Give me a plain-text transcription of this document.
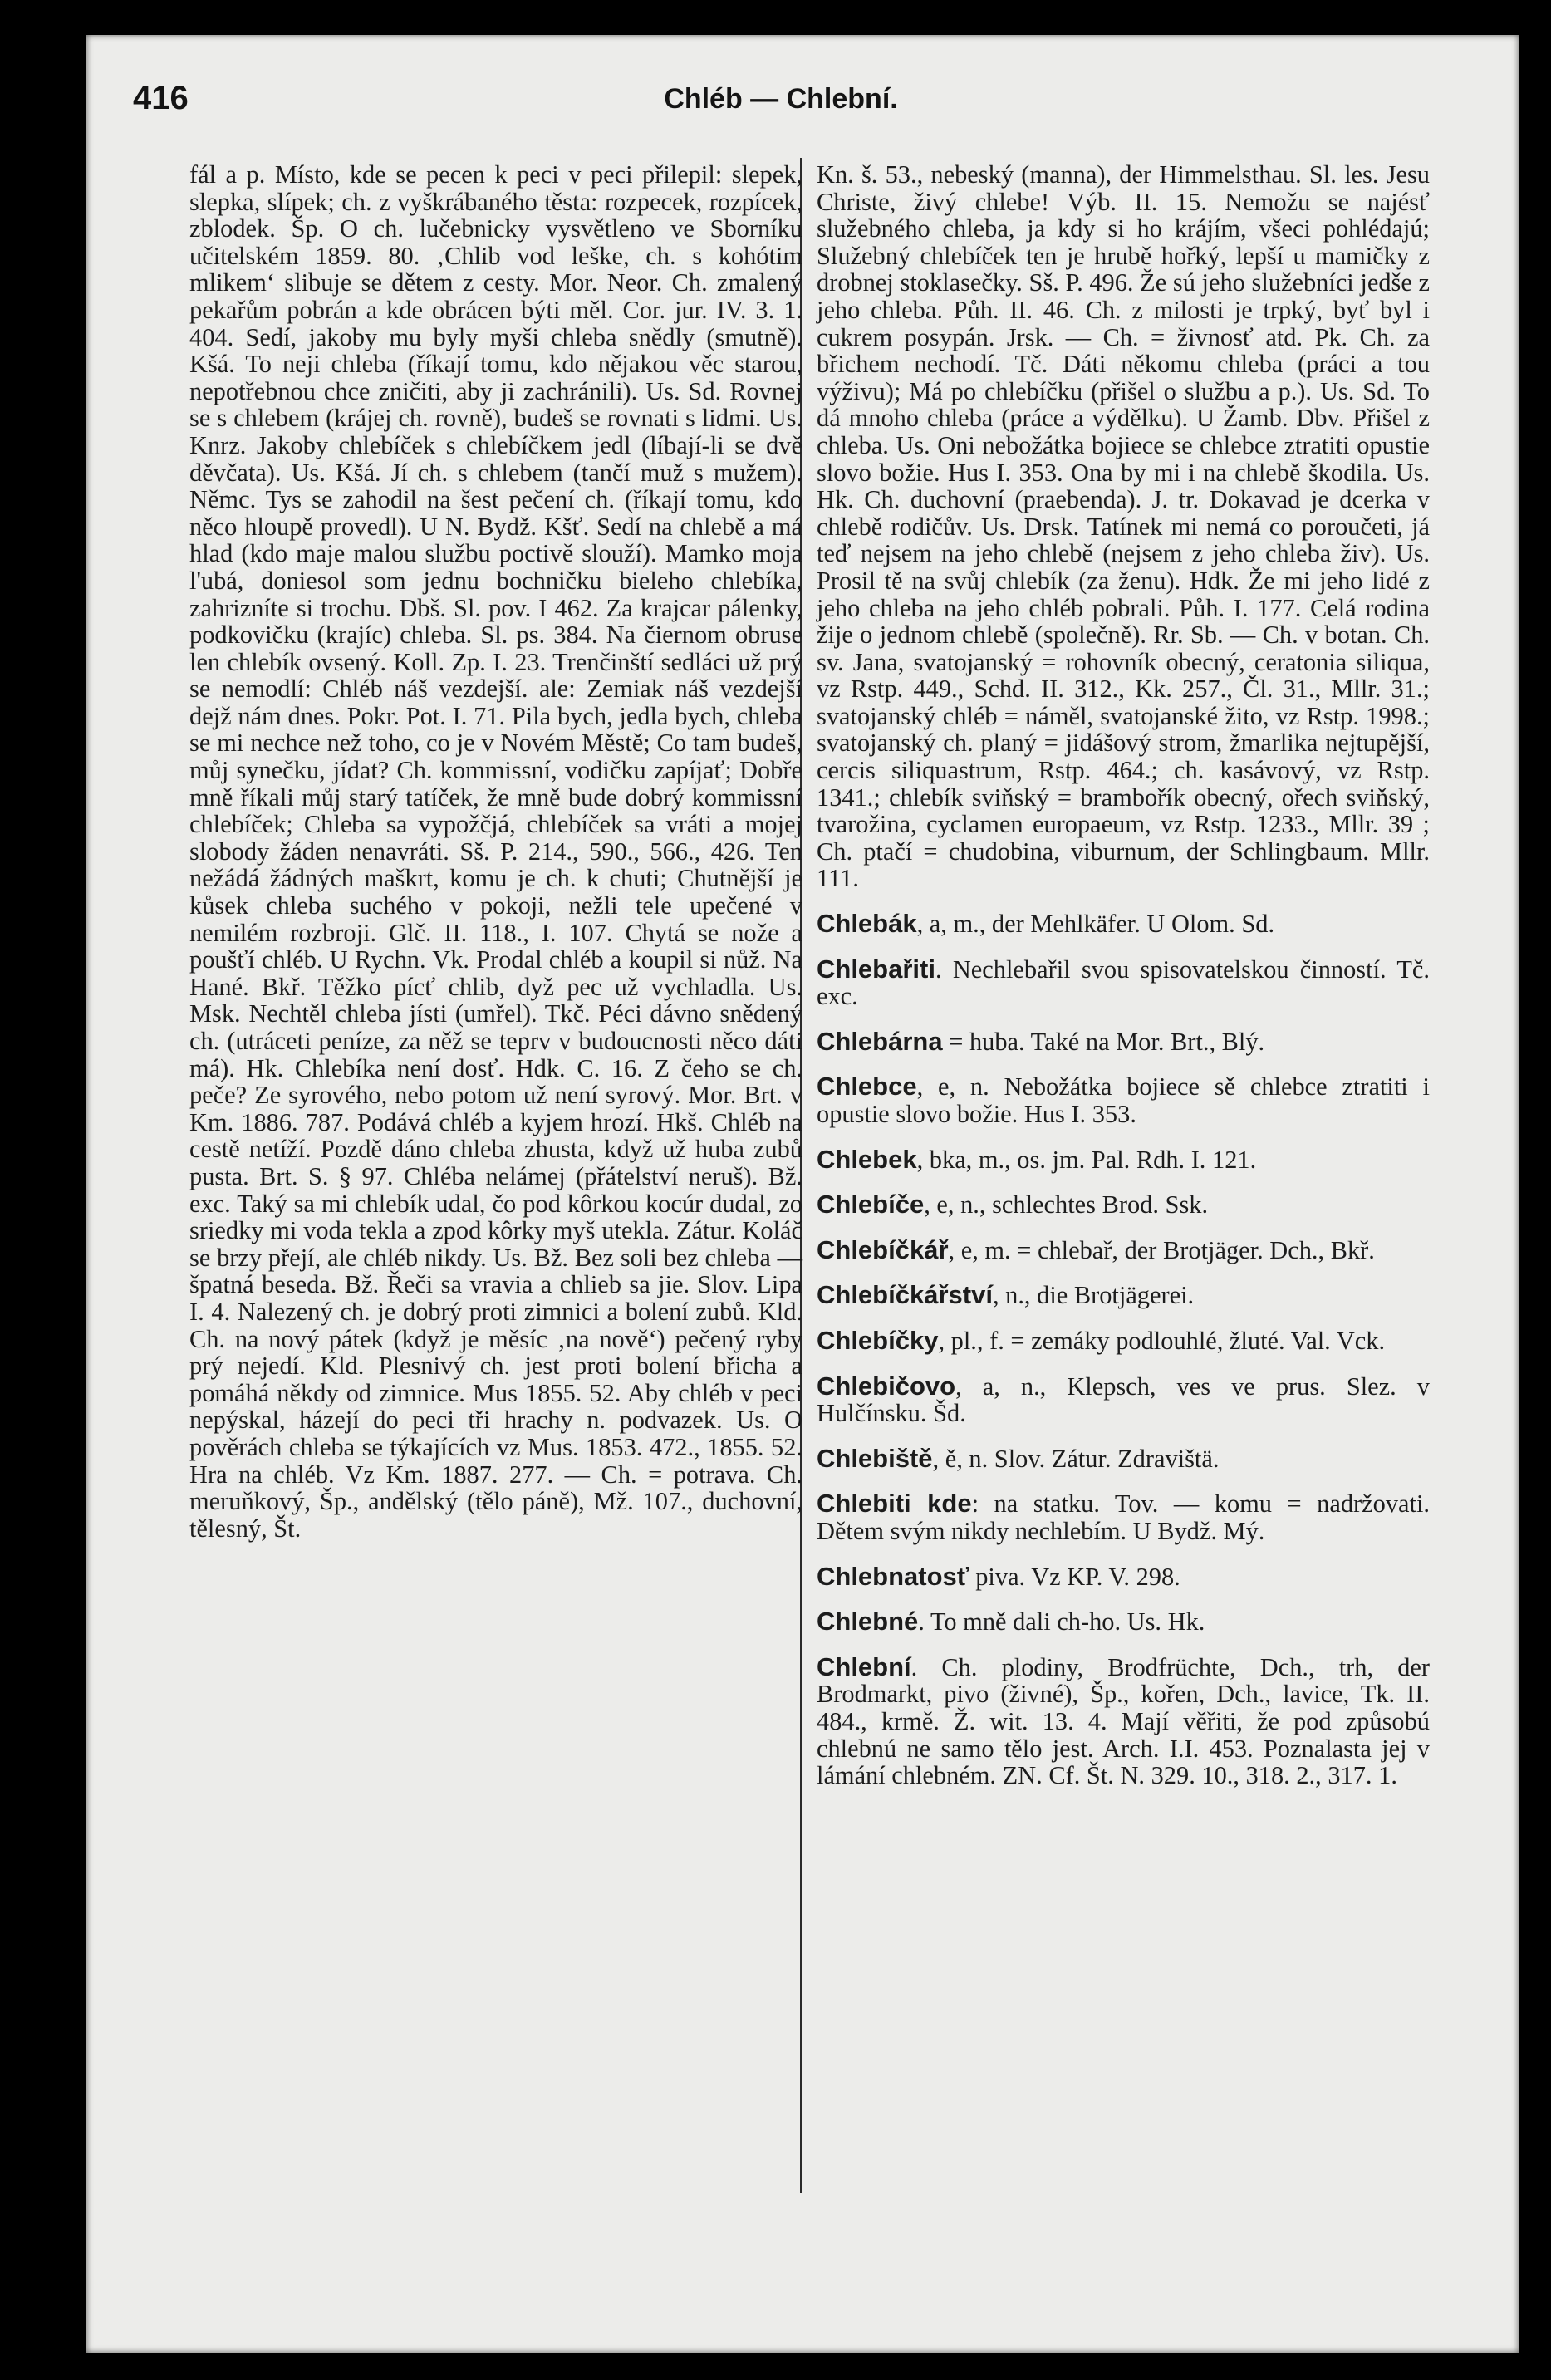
416	Chléb — Chlební.

fál a p. Místo, kde se pecen k peci v peci přilepil: slepek, slepka, slípek; ch. z vyškrábaného těsta: rozpecek, rozpícek, zblodek. Šp. O ch. lučebnicky vysvětleno ve Sborníku učitelském 1859. 80. ‚Chlib vod leške, ch. s kohótim mlikem‘ slibuje se dětem z cesty. Mor. Neor. Ch. zmalený pekařům pobrán a kde obrácen býti měl. Cor. jur. IV. 3. 1. 404. Sedí, jakoby mu byly myši chleba snědly (smutně). Kšá. To neji chleba (říkají tomu, kdo nějakou věc starou, nepotřebnou chce zničiti, aby ji zachránili). Us. Sd. Rovnej se s chlebem (krájej ch. rovně), budeš se rovnati s lidmi. Us. Knrz. Jakoby chlebíček s chlebíčkem jedl (líbají-li se dvě děvčata). Us. Kšá. Jí ch. s chlebem (tančí muž s mužem). Němc. Tys se zahodil na šest pečení ch. (říkají tomu, kdo něco hloupě provedl). U N. Bydž. Kšť. Sedí na chlebě a má hlad (kdo maje malou službu poctivě slouží). Mamko moja l'ubá, doniesol som jednu bochničku bieleho chlebíka, zahrizníte si trochu. Dbš. Sl. pov. I 462. Za krajcar pálenky, podkovičku (krajíc) chleba. Sl. ps. 384. Na čiernom obruse len chlebík ovsený. Koll. Zp. I. 23. Trenčinští sedláci už prý se nemodlí: Chléb náš vezdejší. ale: Zemiak náš vezdejší dejž nám dnes. Pokr. Pot. I. 71. Pila bych, jedla bych, chleba se mi nechce než toho, co je v Novém Městě; Co tam budeš, můj synečku, jídat? Ch. kommissní, vodičku zapíjať; Dobře mně říkali můj starý tatíček, že mně bude dobrý kommissní chlebíček; Chleba sa vypožčjá, chlebíček sa vráti a mojej slobody žáden nenavráti. Sš. P. 214., 590., 566., 426. Ten nežádá žádných maškrt, komu je ch. k chuti; Chutnější je kůsek chleba suchého v pokoji, nežli tele upečené v nemilém rozbroji. Glč. II. 118., I. 107. Chytá se nože a poušťí chléb. U Rychn. Vk. Prodal chléb a koupil si nůž. Na Hané. Bkř. Těžko pícť chlib, dyž pec už vychladla. Us. Msk. Nechtěl chleba jísti (umřel). Tkč. Péci dávno snědený ch. (utráceti peníze, za něž se teprv v budoucnosti něco dáti má). Hk. Chlebíka není dosť. Hdk. C. 16. Z čeho se ch. peče? Ze syrového, nebo potom už není syrový. Mor. Brt. v Km. 1886. 787. Podává chléb a kyjem hrozí. Hkš. Chléb na cestě netíží. Pozdě dáno chleba zhusta, když už huba zubů pusta. Brt. S. § 97. Chléba nelámej (přátelství neruš). Bž. exc. Taký sa mi chlebík udal, čo pod kôrkou kocúr dudal, zo sriedky mi voda tekla a zpod kôrky myš utekla. Zátur. Koláč se brzy přejí, ale chléb nikdy. Us. Bž. Bez soli bez chleba — špatná beseda. Bž. Řeči sa vravia a chlieb sa jie. Slov. Lipa I. 4. Nalezený ch. je dobrý proti zimnici a bolení zubů. Kld. Ch. na nový pátek (když je měsíc ‚na nově‘) pečený ryby prý nejedí. Kld. Plesnivý ch. jest proti bolení břicha a pomáhá někdy od zimnice. Mus 1855. 52. Aby chléb v peci nepýskal, házejí do peci tři hrachy n. podvazek. Us. O pověrách chleba se týkajících vz Mus. 1853. 472., 1855. 52. Hra na chléb. Vz Km. 1887. 277. — Ch. = potrava. Ch. meruňkový, Šp., andělský (tělo páně), Mž. 107., duchovní, tělesný, Št.

Kn. š. 53., nebeský (manna), der Himmelsthau. Sl. les. Jesu Christe, živý chlebe! Výb. II. 15. Nemožu se najésť služebného chleba, ja kdy si ho krájím, všeci pohlédajú; Služebný chlebíček ten je hrubě hořký, lepší u mamičky z drobnej stoklasečky. Sš. P. 496. Že sú jeho služebníci jedše z jeho chleba. Půh. II. 46. Ch. z milosti je trpký, byť byl i cukrem posypán. Jrsk. — Ch. = živnosť atd. Pk. Ch. za břichem nechodí. Tč. Dáti někomu chleba (práci a tou výživu); Má po chlebíčku (přišel o službu a p.). Us. Sd. To dá mnoho chleba (práce a výdělku). U Žamb. Dbv. Přišel z chleba. Us. Oni nebožátka bojiece se chlebce ztratiti opustie slovo božie. Hus I. 353. Ona by mi i na chlebě škodila. Us. Hk. Ch. duchovní (praebenda). J. tr. Dokavad je dcerka v chlebě rodičův. Us. Drsk. Tatínek mi nemá co poroučeti, já teď nejsem na jeho chlebě (nejsem z jeho chleba živ). Us. Prosil tě na svůj chlebík (za ženu). Hdk. Že mi jeho lidé z jeho chleba na jeho chléb pobrali. Půh. I. 177. Celá rodina žije o jednom chlebě (společně). Rr. Sb. — Ch. v botan. Ch. sv. Jana, svatojanský = rohovník obecný, ceratonia siliqua, vz Rstp. 449., Schd. II. 312., Kk. 257., Čl. 31., Mllr. 31.; svatojanský chléb = náměl, svatojanské žito, vz Rstp. 1998.; svatojanský ch. planý = jidášový strom, žmarlika nejtupější, cercis siliquastrum, Rstp. 464.; ch. kasávový, vz Rstp. 1341.; chlebík sviňský = brambořík obecný, ořech sviňský, tvarožina, cyclamen europaeum, vz Rstp. 1233., Mllr. 39 ; Ch. ptačí = chudobina, viburnum, der Schlingbaum. Mllr. 111.

Chlebák, a, m., der Mehlkäfer. U Olom. Sd.

Chlebařiti. Nechlebařil svou spisovatelskou činností. Tč. exc.

Chlebárna = huba. Také na Mor. Brt., Blý.

Chlebce, e, n. Nebožátka bojiece sě chlebce ztratiti i opustie slovo božie. Hus I. 353.

Chlebek, bka, m., os. jm. Pal. Rdh. I. 121.

Chlebíče, e, n., schlechtes Brod. Ssk.

Chlebíčkář, e, m. = chlebař, der Brotjäger. Dch., Bkř.

Chlebíčkářství, n., die Brotjägerei.

Chlebíčky, pl., f. = zemáky podlouhlé, žluté. Val. Vck.

Chlebičovo, a, n., Klepsch, ves ve prus. Slez. v Hulčínsku. Šd.

Chlebiště, ě, n. Slov. Zátur. Zdravištä.

Chlebiti kde: na statku. Tov. — komu = nadržovati. Dětem svým nikdy nechlebím. U Bydž. Mý.

Chlebnatosť piva. Vz KP. V. 298.

Chlebné. To mně dali ch-ho. Us. Hk.

Chlební. Ch. plodiny, Brodfrüchte, Dch., trh, der Brodmarkt, pivo (živné), Šp., kořen, Dch., lavice, Tk. II. 484., krmě. Ž. wit. 13. 4. Mají věřiti, že pod způsobú chlebnú ne samo tělo jest. Arch. I.I. 453. Poznalasta jej v lámání chlebném. ZN. Cf. Št. N. 329. 10., 318. 2., 317. 1.
